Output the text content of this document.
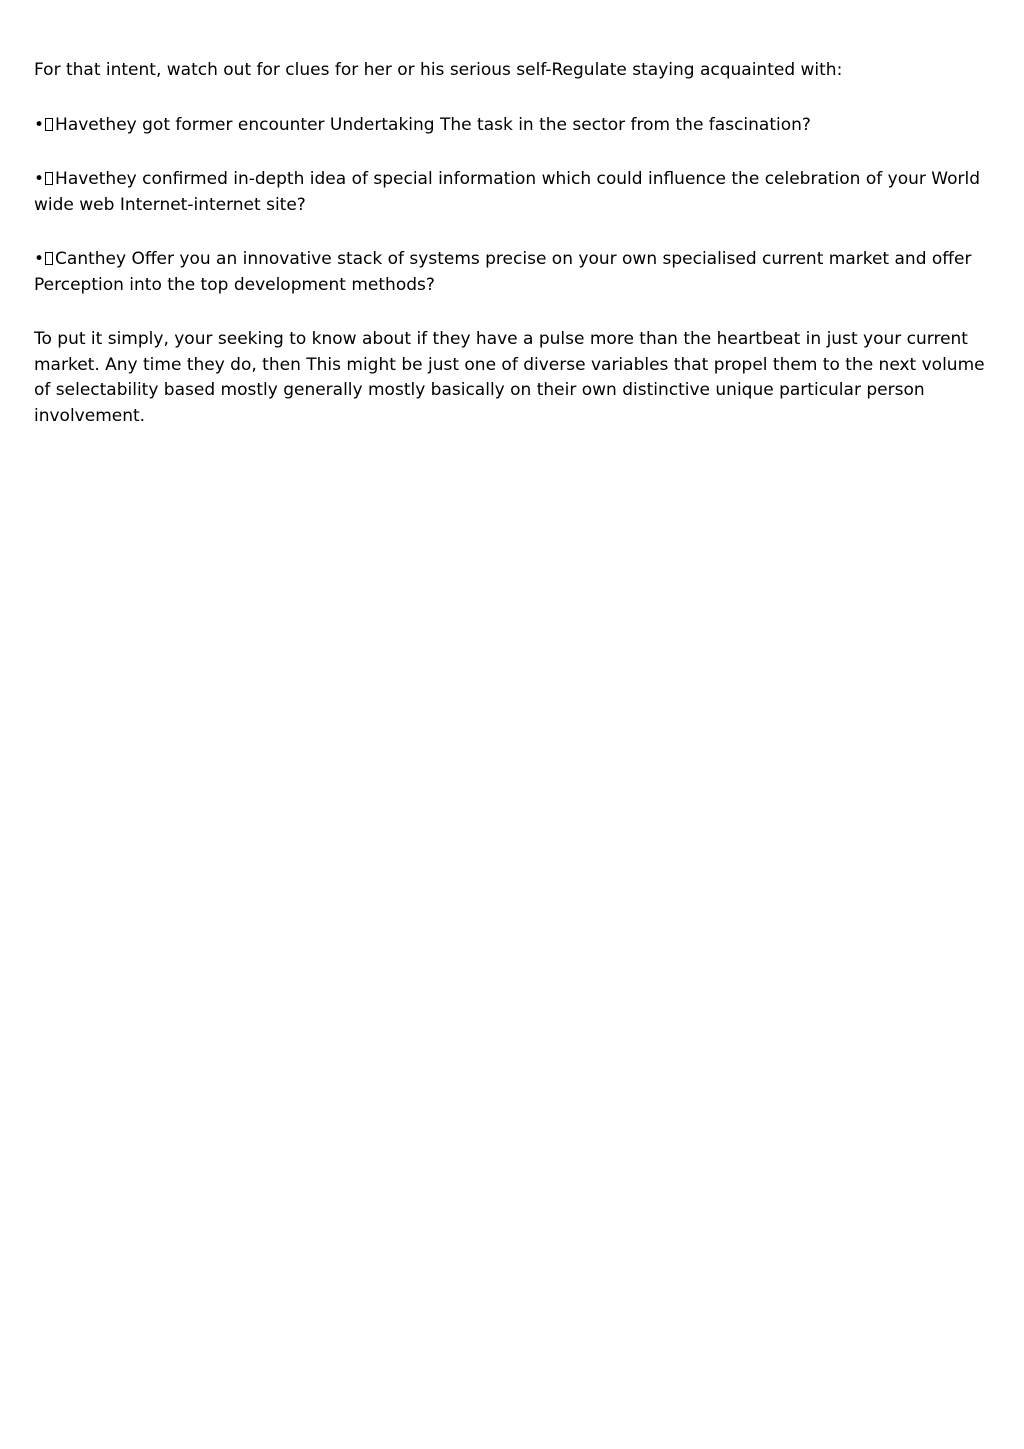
For that intent, watch out for clues for her or his serious self-Regulate staying acquainted with:

• Havethey got former encounter Undertaking The task in the sector from the fascination?

• Havethey confirmed in-depth idea of special information which could influence the celebration of your World wide web Internet-internet site?

• Canthey Offer you an innovative stack of systems precise on your own specialised current market and offer Perception into the top development methods?

To put it simply, your seeking to know about if they have a pulse more than the heartbeat in just your current market. Any time they do, then This might be just one of diverse variables that propel them to the next volume of selectability based mostly generally mostly basically on their own distinctive unique particular person involvement.
